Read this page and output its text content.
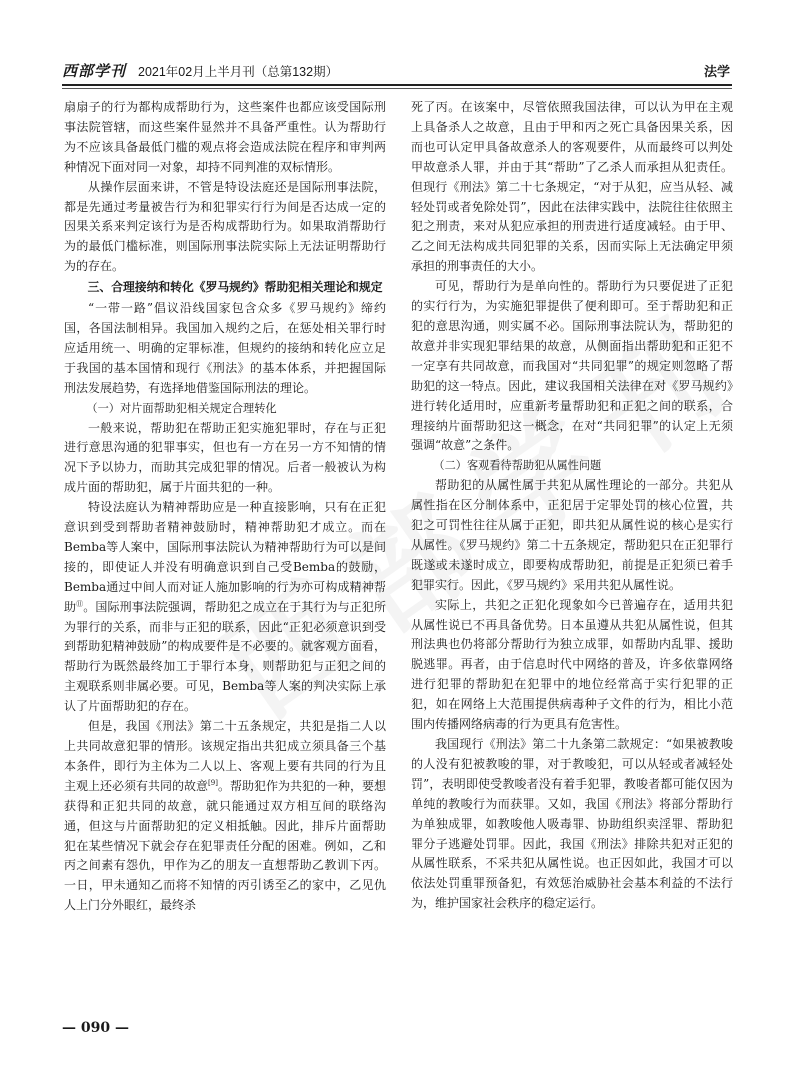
西部学刊 2021年02月上半月刊（总第132期）	法学

扇扇子的行为都构成帮助行为，这些案件也都应该受国际刑事法院管辖，而这些案件显然并不具备严重性。认为帮助行为不应该具备最低门槛的观点将会造成法院在程序和审判两种情况下面对同一对象，却持不同判准的双标情形。

从操作层面来讲，不管是特设法庭还是国际刑事法院，都是先通过考量被告行为和犯罪实行行为间是否达成一定的因果关系来判定该行为是否构成帮助行为。如果取消帮助行为的最低门槛标准，则国际刑事法院实际上无法证明帮助行为的存在。

三、合理接纳和转化《罗马规约》帮助犯相关理论和规定

“一带一路”倡议沿线国家包含众多《罗马规约》缔约国，各国法制相异。我国加入规约之后，在惩处相关罪行时应适用统一、明确的定罪标准，但规约的接纳和转化应立足于我国的基本国情和现行《刑法》的基本体系，并把握国际刑法发展趋势，有选择地借鉴国际刑法的理论。

（一）对片面帮助犯相关规定合理转化

一般来说，帮助犯在帮助正犯实施犯罪时，存在与正犯进行意思沟通的犯罪事实，但也有一方在另一方不知情的情况下予以协力，而助其完成犯罪的情况。后者一般被认为构成片面的帮助犯，属于片面共犯的一种。

特设法庭认为精神帮助应是一种直接影响，只有在正犯意识到受到帮助者精神鼓励时，精神帮助犯才成立。而在Bemba等人案中，国际刑事法院认为精神帮助行为可以是间接的，即使证人并没有明确意识到自己受Bemba的鼓励，Bemba通过中间人而对证人施加影响的行为亦可构成精神帮助⑪。国际刑事法院强调，帮助犯之成立在于其行为与正犯所为罪行的关系，而非与正犯的联系，因此“正犯必须意识到受到帮助犯精神鼓励”的构成要件是不必要的。就客观方面看，帮助行为既然最终加工于罪行本身，则帮助犯与正犯之间的主观联系则非属必要。可见，Bemba等人案的判决实际上承认了片面帮助犯的存在。

但是，我国《刑法》第二十五条规定，共犯是指二人以上共同故意犯罪的情形。该规定指出共犯成立须具备三个基本条件，即行为主体为二人以上、客观上要有共同的行为且主观上还必须有共同的故意[9]。帮助犯作为共犯的一种，要想获得和正犯共同的故意，就只能通过双方相互间的联络沟通，但这与片面帮助犯的定义相抵触。因此，排斥片面帮助犯在某些情况下就会存在犯罪责任分配的困难。例如，乙和丙之间素有怨仇，甲作为乙的朋友一直想帮助乙教训下丙。一日，甲未通知乙而将不知情的丙引诱至乙的家中，乙见仇人上门分外眼红，最终杀

死了丙。在该案中，尽管依照我国法律，可以认为甲在主观上具备杀人之故意，且由于甲和丙之死亡具备因果关系，因而也可认定甲具备故意杀人的客观要件，从而最终可以判处甲故意杀人罪，并由于其“帮助”了乙杀人而承担从犯责任。但现行《刑法》第二十七条规定，“对于从犯，应当从轻、减轻处罚或者免除处罚”，因此在法律实践中，法院往往依照主犯之刑责，来对从犯应承担的刑责进行适度减轻。由于甲、乙之间无法构成共同犯罪的关系，因而实际上无法确定甲须承担的刑事责任的大小。

可见，帮助行为是单向性的。帮助行为只要促进了正犯的实行行为，为实施犯罪提供了便利即可。至于帮助犯和正犯的意思沟通，则实属不必。国际刑事法院认为，帮助犯的故意并非实现犯罪结果的故意，从侧面指出帮助犯和正犯不一定享有共同故意，而我国对“共同犯罪”的规定则忽略了帮助犯的这一特点。因此，建议我国相关法律在对《罗马规约》进行转化适用时，应重新考量帮助犯和正犯之间的联系，合理接纳片面帮助犯这一概念，在对“共同犯罪”的认定上无须强调“故意”之条件。

（二）客观看待帮助犯从属性问题

帮助犯的从属性属于共犯从属性理论的一部分。共犯从属性指在区分制体系中，正犯居于定罪处罚的核心位置，共犯之可罚性往往从属于正犯，即共犯从属性说的核心是实行从属性。《罗马规约》第二十五条规定，帮助犯只在正犯罪行既遂或未遂时成立，即要构成帮助犯，前提是正犯须已着手犯罪实行。因此，《罗马规约》采用共犯从属性说。

实际上，共犯之正犯化现象如今已普遍存在，适用共犯从属性说已不再具备优势。日本虽遵从共犯从属性说，但其刑法典也仍将部分帮助行为独立成罪，如帮助内乱罪、援助脱逃罪。再者，由于信息时代中网络的普及，许多依靠网络进行犯罪的帮助犯在犯罪中的地位经常高于实行犯罪的正犯，如在网络上大范围提供病毒种子文件的行为，相比小范围内传播网络病毒的行为更具有危害性。

我国现行《刑法》第二十九条第二款规定：“如果被教唆的人没有犯被教唆的罪，对于教唆犯，可以从轻或者减轻处罚”，表明即使受教唆者没有着手犯罪，教唆者都可能仅因为单纯的教唆行为而获罪。又如，我国《刑法》将部分帮助行为单独成罪，如教唆他人吸毒罪、协助组织卖淫罪、帮助犯罪分子逃避处罚罪。因此，我国《刑法》排除共犯对正犯的从属性联系，不采共犯从属性说。也正因如此，我国才可以依法处罚重罪预备犯，有效惩治威胁社会基本利益的不法行为，维护国家社会秩序的稳定运行。

— 090 —
